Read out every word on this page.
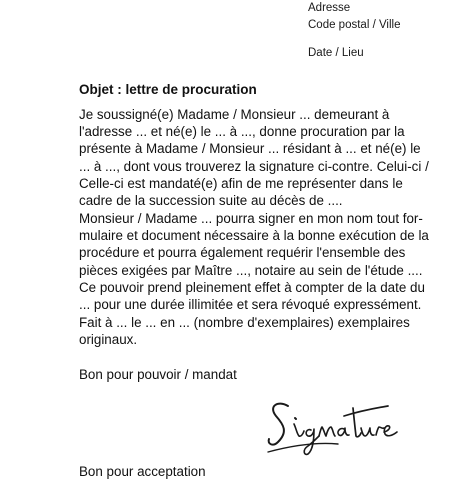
Adresse
Code postal / Ville
Date / Lieu
Objet : lettre de procuration

Je soussigné(e) Madame / Monsieur ... demeurant à
l'adresse ... et né(e) le ... à ..., donne procuration par la
présente à Madame / Monsieur ... résidant à ... et né(e) le
... à ..., dont vous trouverez la signature ci-contre. Celui-ci /
Celle-ci est mandaté(e) afin de me représenter dans le
cadre de la succession suite au décès de ....

Monsieur / Madame ... pourra signer en mon nom tout for-
mulaire et document nécessaire à la bonne exécution de la
procédure et pourra également requérir l'ensemble des
pièces exigées par Maître ..., notaire au sein de l'étude ....
Ce pouvoir prend pleinement effet à compter de la date du
... pour une durée illimitée et sera révoqué expressément.

Fait à ... le ... en ... (nombre d'exemplaires) exemplaires
originaux.

Bon pour pouvoir / mandat

Bon pour acceptation
